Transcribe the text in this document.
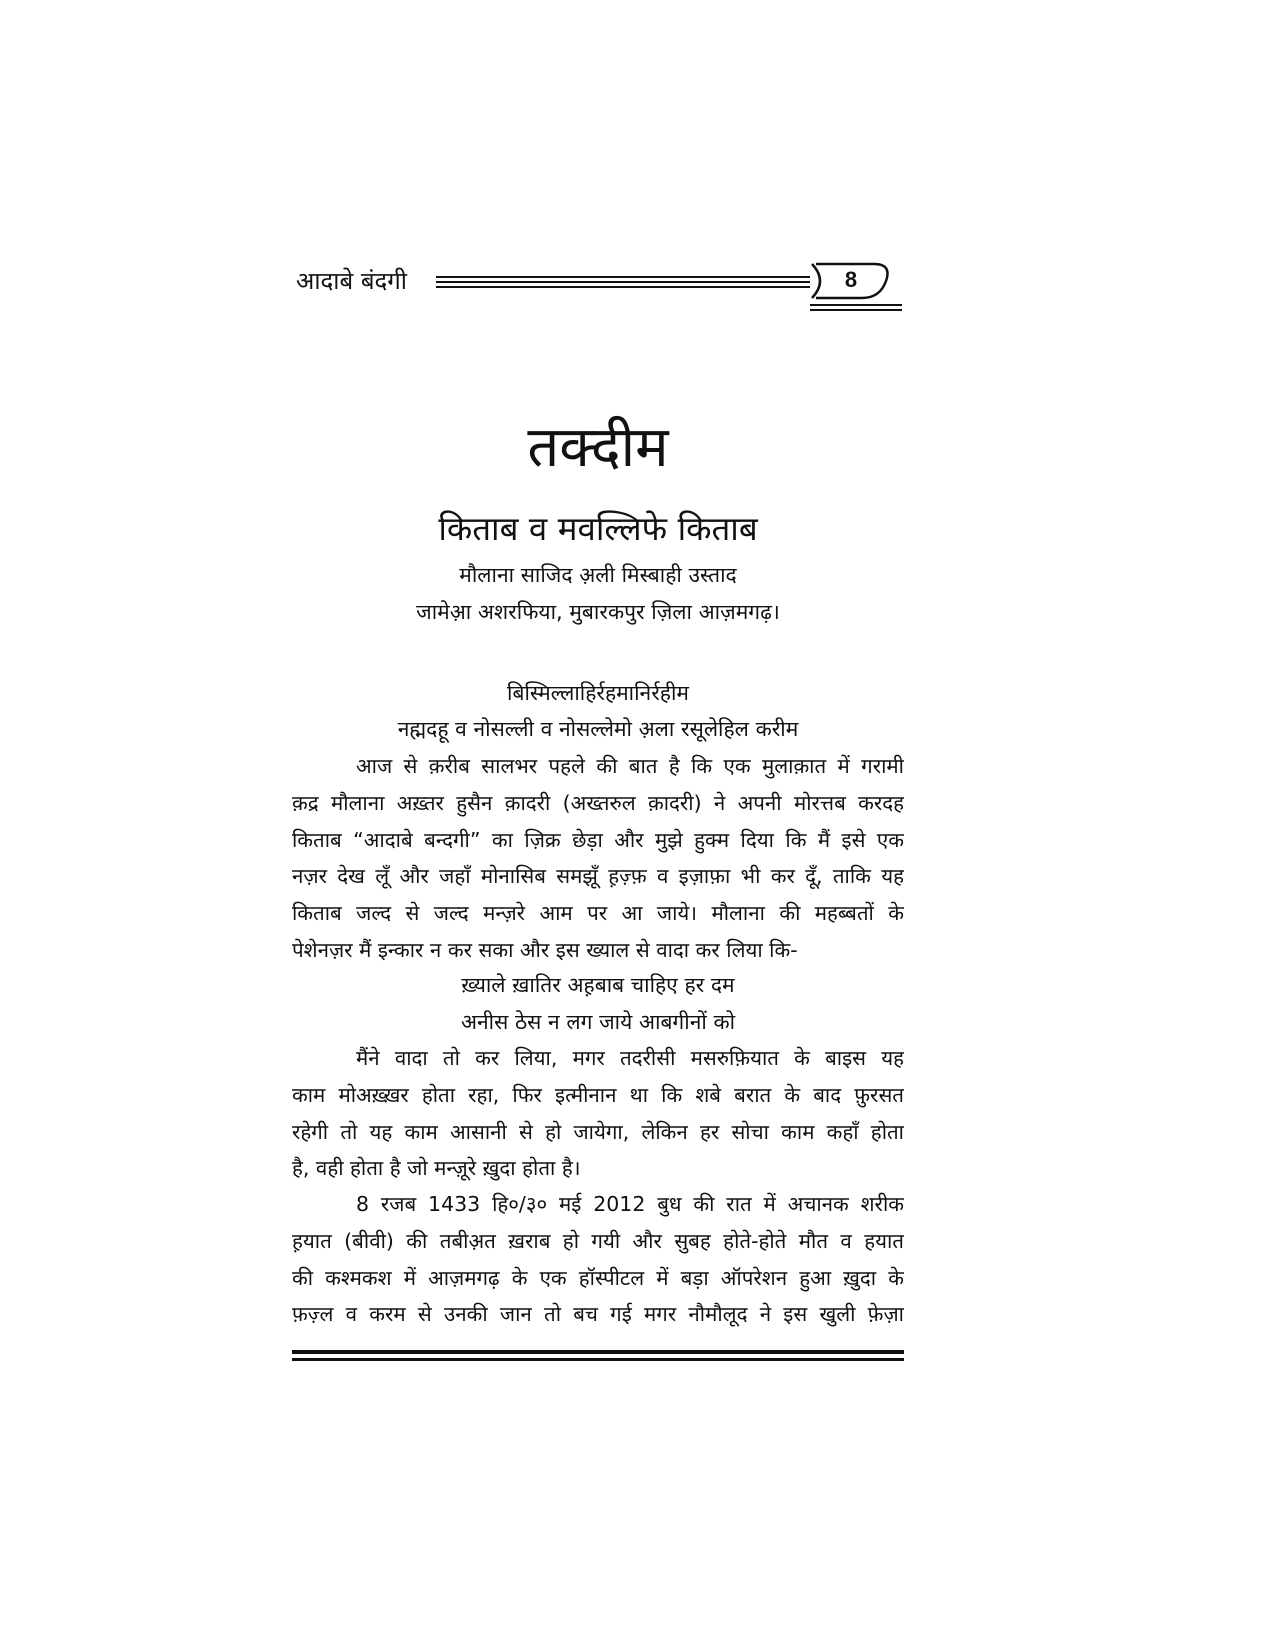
आदाबे बंदगी	8
तक्दीम
किताब व मवल्लिफे किताब
मौलाना साजिद अ़ली मिस्बाही उस्ताद
जामेअ़ा अशरफिया, मुबारकपुर ज़िला आज़मगढ़।
बिस्मिल्लाहिर्रहमानिर्रहीम
नह्मदहू व नोसल्ली व नोसल्लेमो अ़ला रसूलेहिल करीम
आज से क़रीब सालभर पहले की बात है कि एक मुलाक़ात में गरामी
क़द्र मौलाना अख़्तर हुसैन क़ादरी (अख्तरुल क़ादरी) ने अपनी मोरत्तब करदह
किताब “आदाबे बन्दगी” का ज़िक्र छेड़ा और मुझे हुक्म दिया कि मैं इसे एक
नज़र देख लूँ और जहाँ मोनासिब समझूँ ह़ज़्फ़ व इज़ाफ़ा भी कर दूँ, ताकि यह
किताब जल्द से जल्द मन्ज़रे आम पर आ जाये। मौलाना की महब्बतों के
पेशेनज़र मैं इन्कार न कर सका और इस ख्याल से वादा कर लिया कि-
ख़्याले ख़ातिर अह़बाब चाहिए हर दम
अनीस ठेस न लग जाये आबगीनों को
मैंने वादा तो कर लिया, मगर तदरीसी मसरुफ़ियात के बाइस यह
काम मोअख़्ख़र होता रहा, फिर इत्मीनान था कि शबे बरात के बाद फ़ुरसत
रहेगी तो यह काम आसानी से हो जायेगा, लेकिन हर सोचा काम कहाँ होता
है, वही होता है जो मन्ज़ूरे ख़ुदा होता है।
8 रजब 1433 हि०/३० मई 2012 बुध की रात में अचानक शरीक
ह़यात (बीवी) की तबीअ़त ख़राब हो गयी और सुबह होते-होते मौत व हयात
की कश्मकश में आज़मगढ़ के एक हॉस्पीटल में बड़ा ऑपरेशन हुआ ख़ुदा के
फ़ज़्ल व करम से उनकी जान तो बच गई मगर नौमौलूद ने इस खुली फ़ेज़ा
